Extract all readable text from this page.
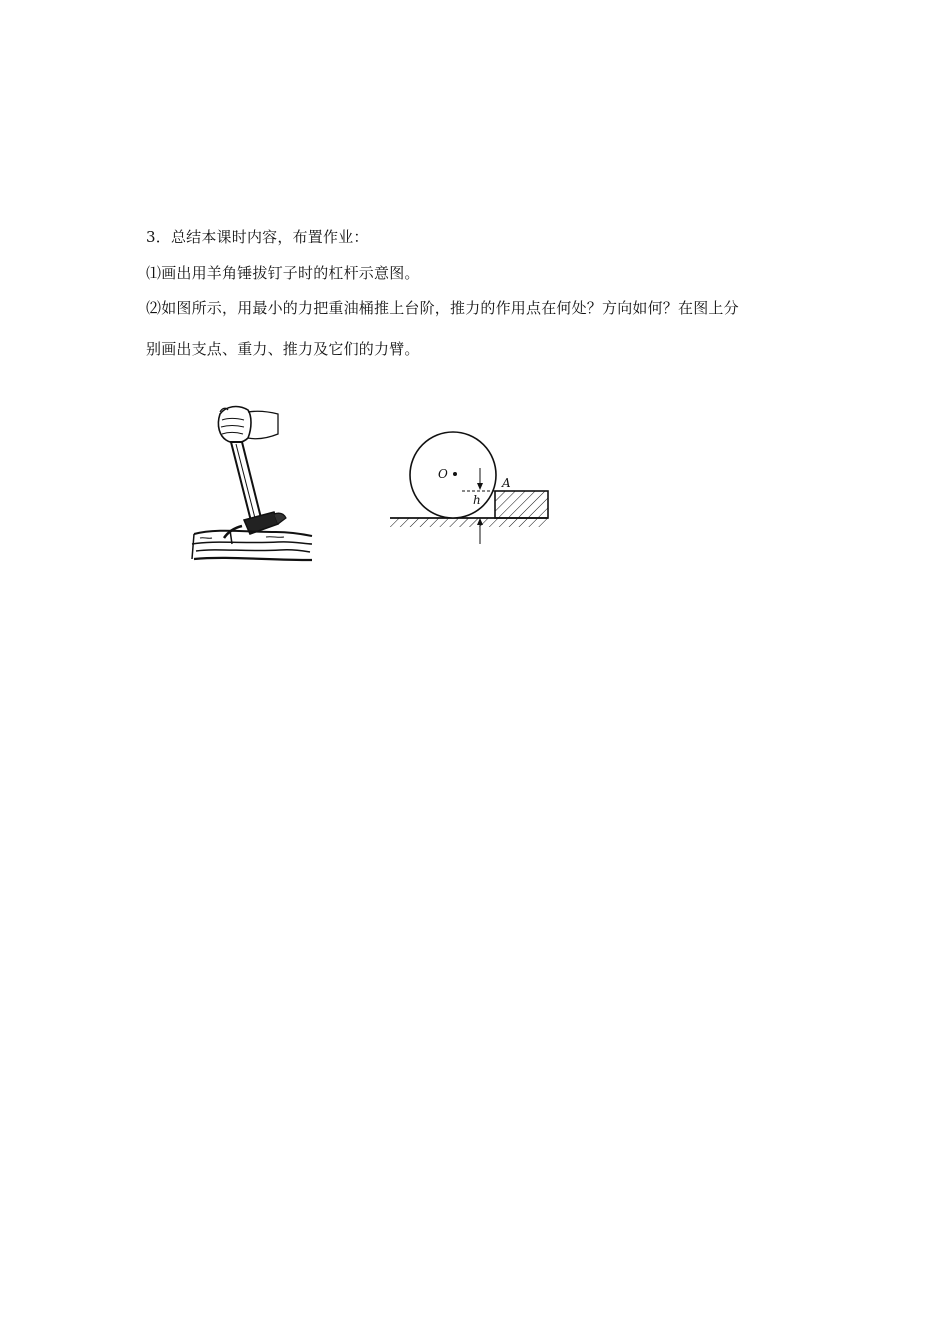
3．总结本课时内容，布置作业：
⑴画出用羊角锤拔钉子时的杠杆示意图。
⑵如图所示，用最小的力把重油桶推上台阶，推力的作用点在何处？方向如何？在图上分
别画出支点、重力、推力及它们的力臂。
O
A
h
